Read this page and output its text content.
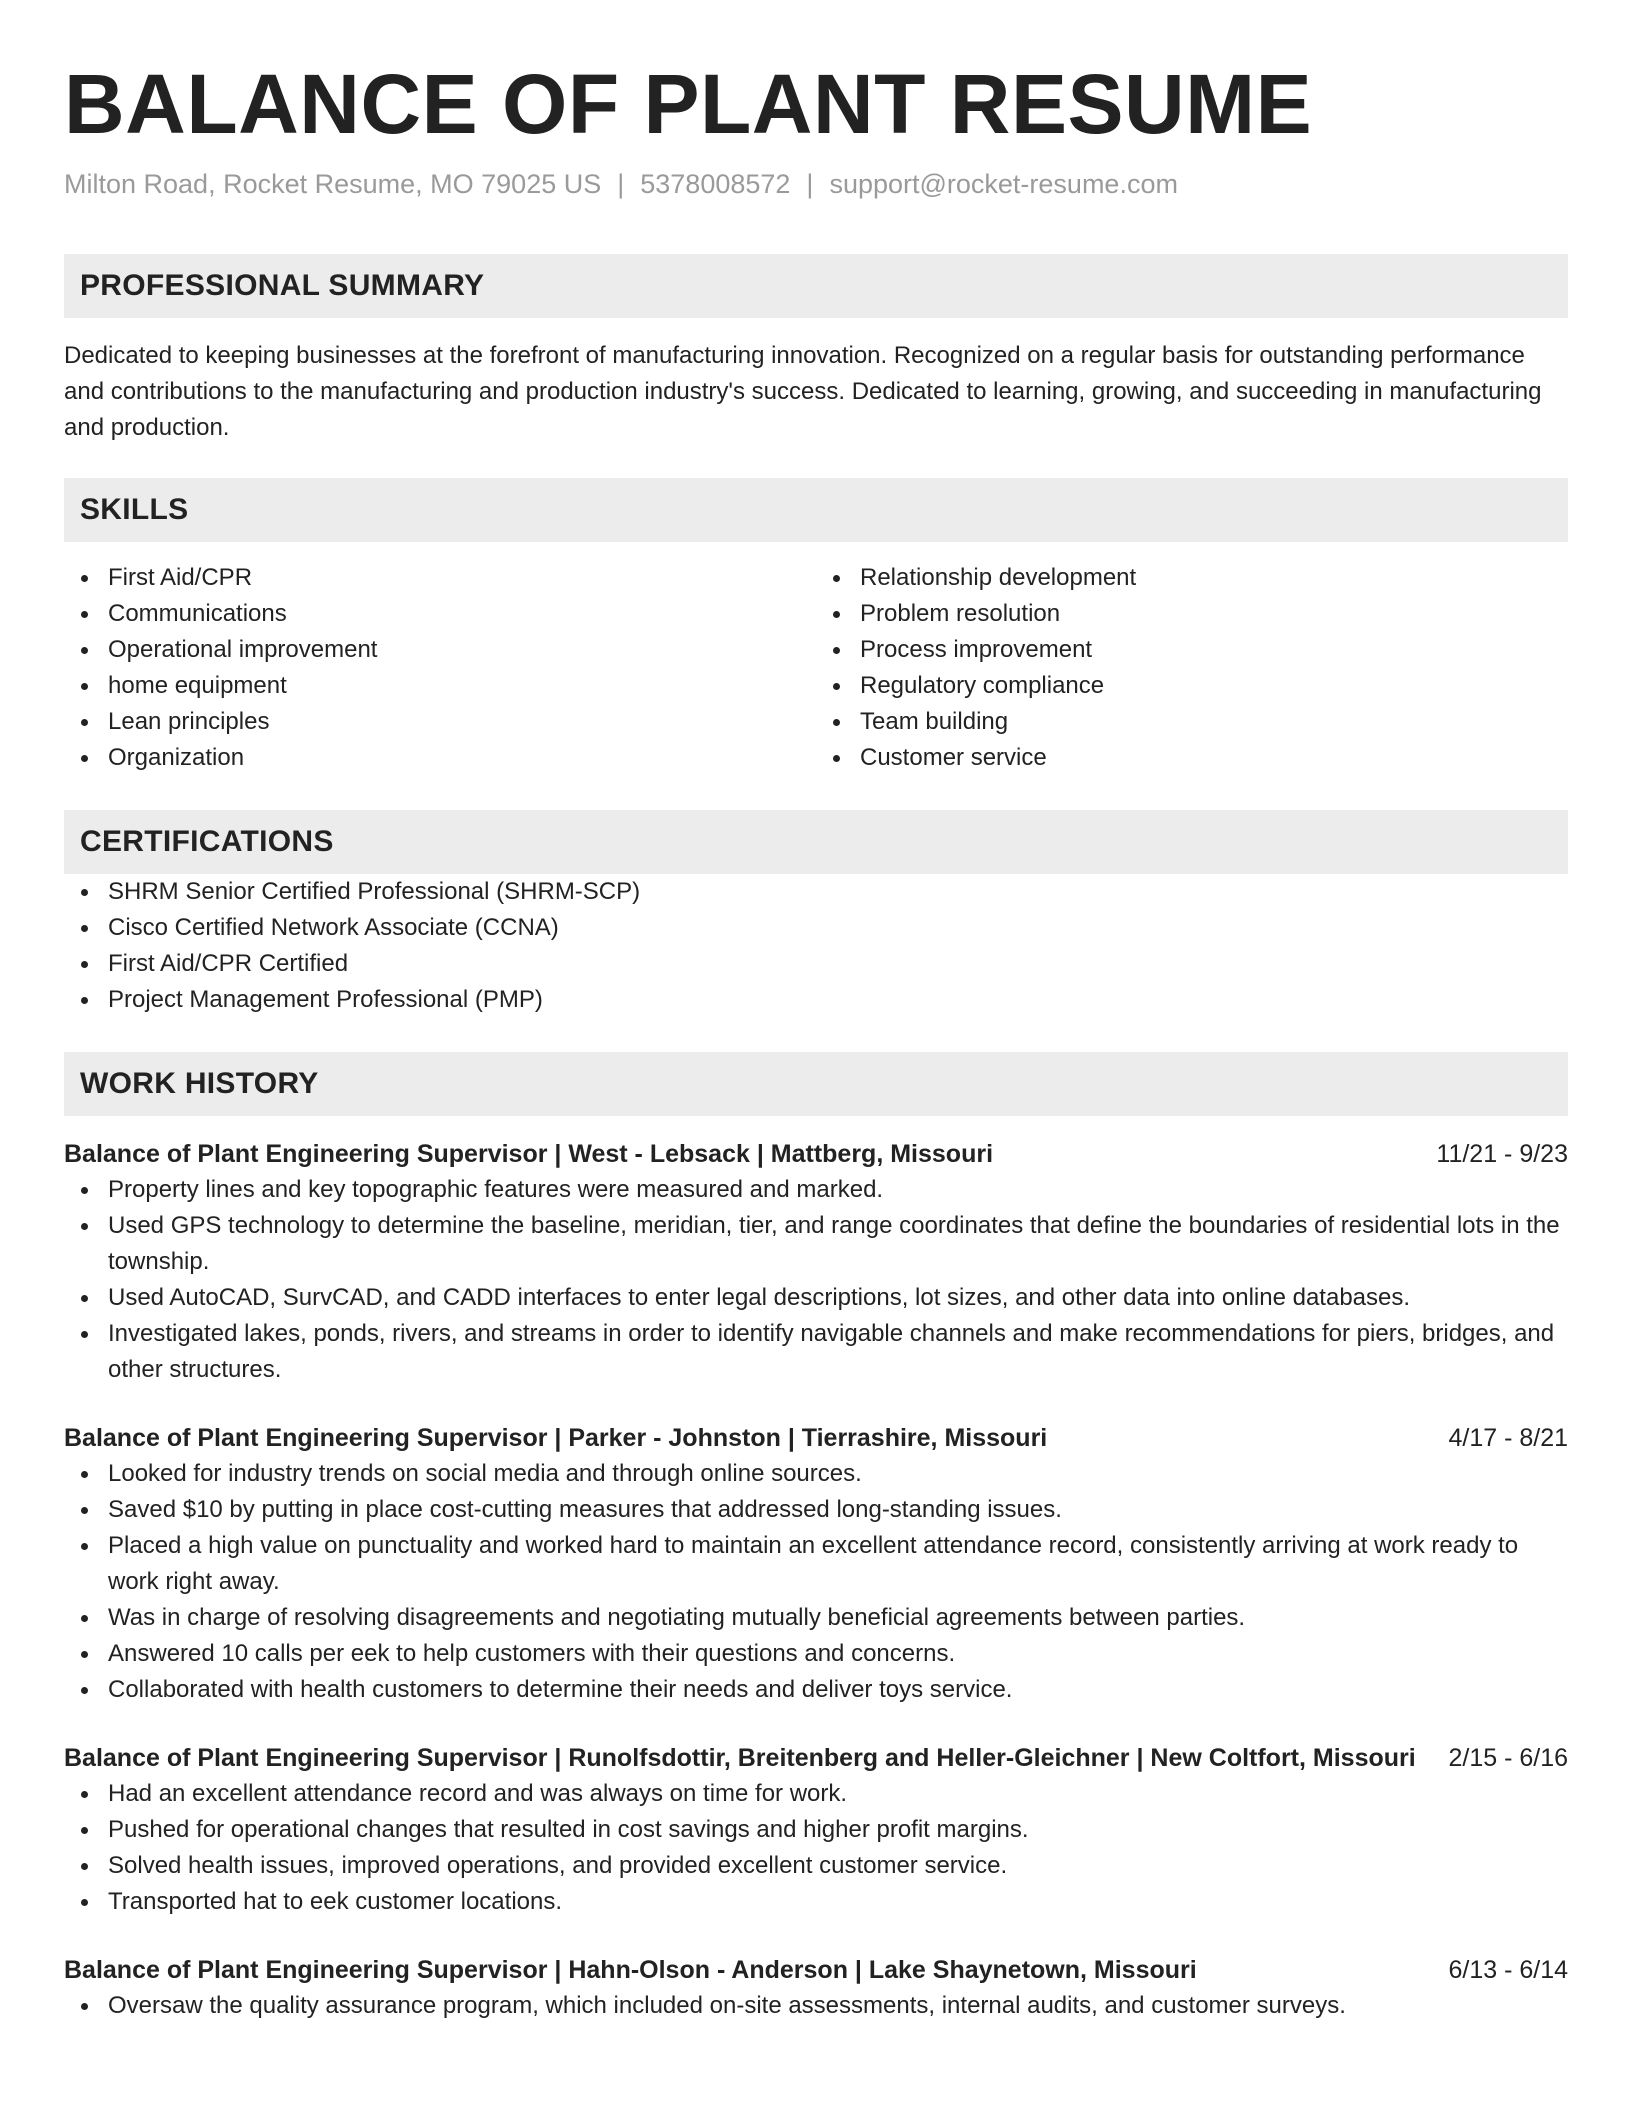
BALANCE OF PLANT RESUME
Milton Road, Rocket Resume, MO 79025 US | 5378008572 | support@rocket-resume.com
PROFESSIONAL SUMMARY

Dedicated to keeping businesses at the forefront of manufacturing innovation. Recognized on a regular basis for outstanding performance and contributions to the manufacturing and production industry's success. Dedicated to learning, growing, and succeeding in manufacturing and production.

SKILLS
First Aid/CPR
Communications
Operational improvement
home equipment
Lean principles
Organization
Relationship development
Problem resolution
Process improvement
Regulatory compliance
Team building
Customer service
CERTIFICATIONS
SHRM Senior Certified Professional (SHRM-SCP)
Cisco Certified Network Associate (CCNA)
First Aid/CPR Certified
Project Management Professional (PMP)
WORK HISTORY
Balance of Plant Engineering Supervisor | West - Lebsack | Mattberg, Missouri	11/21 - 9/23
Property lines and key topographic features were measured and marked.
Used GPS technology to determine the baseline, meridian, tier, and range coordinates that define the boundaries of residential lots in the township.
Used AutoCAD, SurvCAD, and CADD interfaces to enter legal descriptions, lot sizes, and other data into online databases.
Investigated lakes, ponds, rivers, and streams in order to identify navigable channels and make recommendations for piers, bridges, and other structures.
Balance of Plant Engineering Supervisor | Parker - Johnston | Tierrashire, Missouri	4/17 - 8/21
Looked for industry trends on social media and through online sources.
Saved $10 by putting in place cost-cutting measures that addressed long-standing issues.
Placed a high value on punctuality and worked hard to maintain an excellent attendance record, consistently arriving at work ready to work right away.
Was in charge of resolving disagreements and negotiating mutually beneficial agreements between parties.
Answered 10 calls per eek to help customers with their questions and concerns.
Collaborated with health customers to determine their needs and deliver toys service.
Balance of Plant Engineering Supervisor | Runolfsdottir, Breitenberg and Heller-Gleichner | New Coltfort, Missouri 2/15 - 6/16
Had an excellent attendance record and was always on time for work.
Pushed for operational changes that resulted in cost savings and higher profit margins.
Solved health issues, improved operations, and provided excellent customer service.
Transported hat to eek customer locations.
Balance of Plant Engineering Supervisor | Hahn-Olson - Anderson | Lake Shaynetown, Missouri	6/13 - 6/14
Oversaw the quality assurance program, which included on-site assessments, internal audits, and customer surveys.
